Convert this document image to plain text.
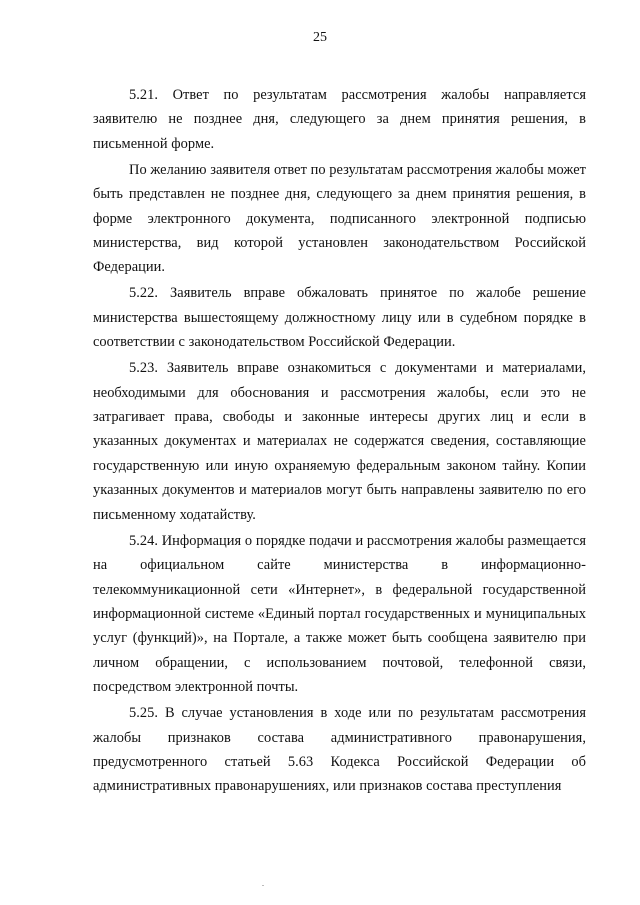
25

5.21. Ответ по результатам рассмотрения жалобы направляется заявителю не позднее дня, следующего за днем принятия решения, в письменной форме.

По желанию заявителя ответ по результатам рассмотрения жалобы может быть представлен не позднее дня, следующего за днем принятия решения, в форме электронного документа, подписанного электронной подписью министерства, вид которой установлен законодательством Российской Федерации.

5.22. Заявитель вправе обжаловать принятое по жалобе решение министерства вышестоящему должностному лицу или в судебном порядке в соответствии с законодательством Российской Федерации.

5.23. Заявитель вправе ознакомиться с документами и материалами, необходимыми для обоснования и рассмотрения жалобы, если это не затрагивает права, свободы и законные интересы других лиц и если в указанных документах и материалах не содержатся сведения, составляющие государственную или иную охраняемую федеральным законом тайну. Копии указанных документов и материалов могут быть направлены заявителю по его письменному ходатайству.

5.24. Информация о порядке подачи и рассмотрения жалобы размещается на официальном сайте министерства в информационно-телекоммуникационной сети «Интернет», в федеральной государственной информационной системе «Единый портал государственных и муниципальных услуг (функций)», на Портале, а также может быть сообщена заявителю при личном обращении, с использованием почтовой, телефонной связи, посредством электронной почты.

5.25. В случае установления в ходе или по результатам рассмотрения жалобы признаков состава административного правонарушения, предусмотренного статьей 5.63 Кодекса Российской Федерации об административных правонарушениях, или признаков состава преступления
